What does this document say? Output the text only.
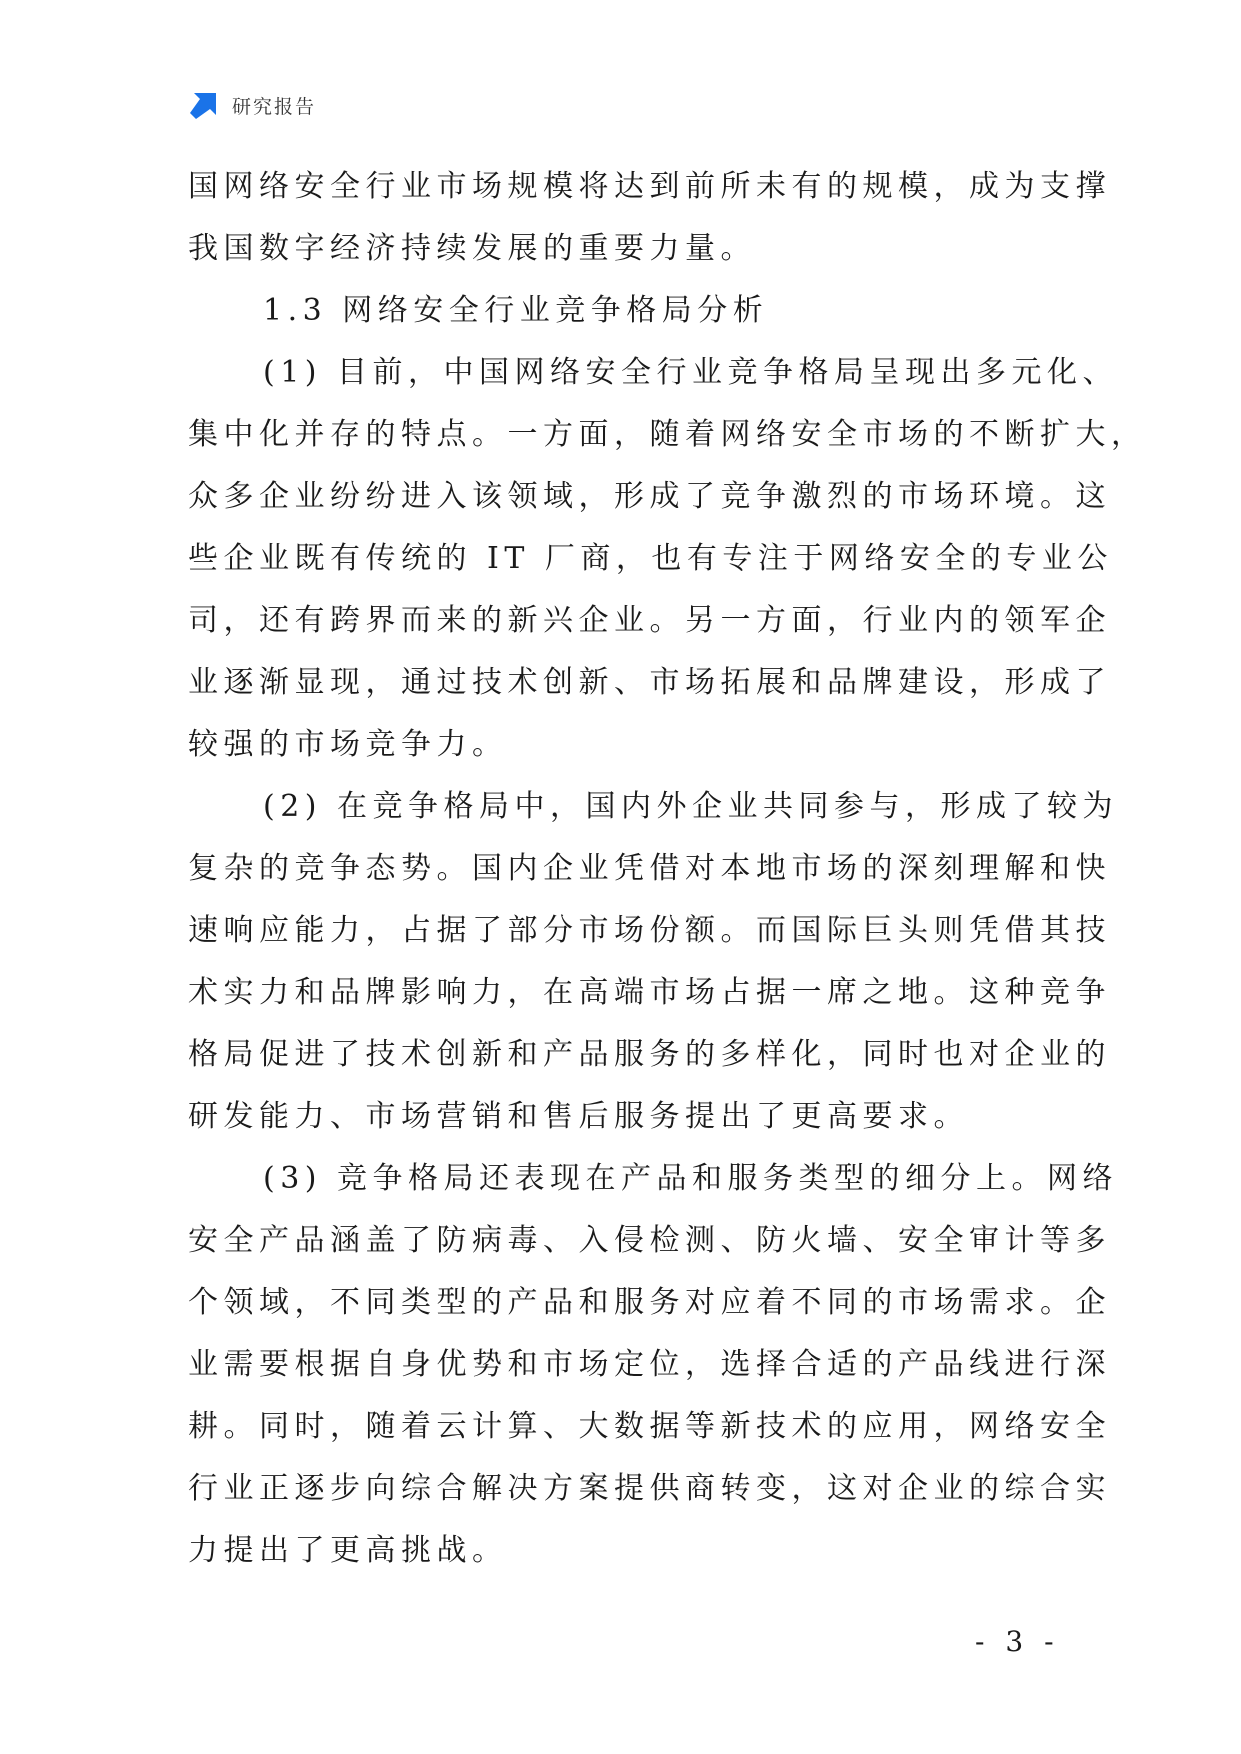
研究报告
国网络安全行业市场规模将达到前所未有的规模，成为支撑
我国数字经济持续发展的重要力量。
1.3 网络安全行业竞争格局分析
(1) 目前，中国网络安全行业竞争格局呈现出多元化、
集中化并存的特点。一方面，随着网络安全市场的不断扩大，
众多企业纷纷进入该领域，形成了竞争激烈的市场环境。这
些企业既有传统的 IT 厂商，也有专注于网络安全的专业公
司，还有跨界而来的新兴企业。另一方面，行业内的领军企
业逐渐显现，通过技术创新、市场拓展和品牌建设，形成了
较强的市场竞争力。
(2) 在竞争格局中，国内外企业共同参与，形成了较为
复杂的竞争态势。国内企业凭借对本地市场的深刻理解和快
速响应能力，占据了部分市场份额。而国际巨头则凭借其技
术实力和品牌影响力，在高端市场占据一席之地。这种竞争
格局促进了技术创新和产品服务的多样化，同时也对企业的
研发能力、市场营销和售后服务提出了更高要求。
(3) 竞争格局还表现在产品和服务类型的细分上。网络
安全产品涵盖了防病毒、入侵检测、防火墙、安全审计等多
个领域，不同类型的产品和服务对应着不同的市场需求。企
业需要根据自身优势和市场定位，选择合适的产品线进行深
耕。同时，随着云计算、大数据等新技术的应用，网络安全
行业正逐步向综合解决方案提供商转变，这对企业的综合实
力提出了更高挑战。
- 3 -
